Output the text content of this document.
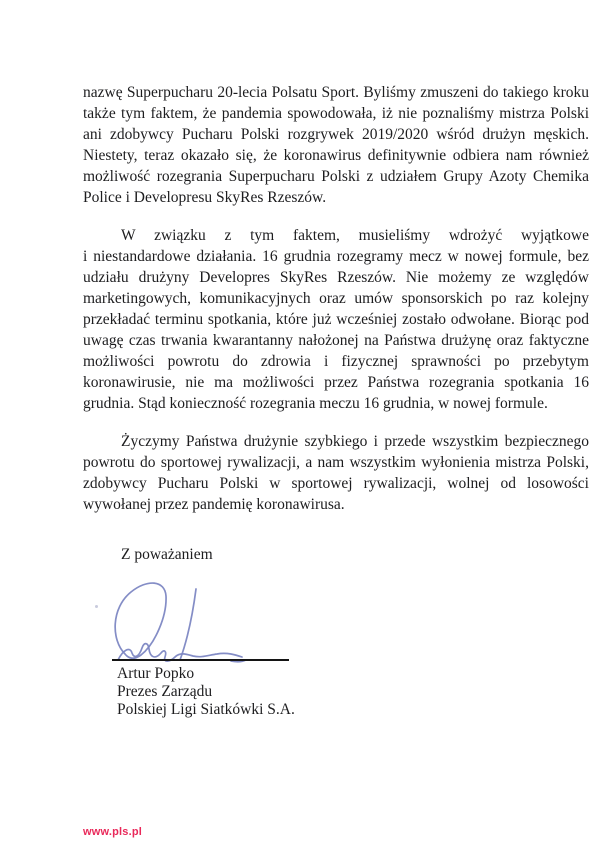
nazwę Superpucharu 20-lecia Polsatu Sport. Byliśmy zmuszeni do takiego kroku
także tym faktem, że pandemia spowodowała, iż nie poznaliśmy mistrza Polski
ani zdobywcy Pucharu Polski rozgrywek 2019/2020 wśród drużyn męskich.
Niestety, teraz okazało się, że koronawirus definitywnie odbiera nam również
możliwość rozegrania Superpucharu Polski z udziałem Grupy Azoty Chemika
Police i Developresu SkyRes Rzeszów.
W związku z tym faktem, musieliśmy wdrożyć wyjątkowe
i niestandardowe działania. 16 grudnia rozegramy mecz w nowej formule, bez
udziału drużyny Developres SkyRes Rzeszów. Nie możemy ze względów
marketingowych, komunikacyjnych oraz umów sponsorskich po raz kolejny
przekładać terminu spotkania, które już wcześniej zostało odwołane. Biorąc pod
uwagę czas trwania kwarantanny nałożonej na Państwa drużynę oraz faktyczne
możliwości powrotu do zdrowia i fizycznej sprawności po przebytym
koronawirusie, nie ma możliwości przez Państwa rozegrania spotkania 16
grudnia. Stąd konieczność rozegrania meczu 16 grudnia, w nowej formule.
Życzymy Państwa drużynie szybkiego i przede wszystkim bezpiecznego
powrotu do sportowej rywalizacji, a nam wszystkim wyłonienia mistrza Polski,
zdobywcy Pucharu Polski w sportowej rywalizacji, wolnej od losowości
wywołanej przez pandemię koronawirusa.
Z poważaniem
Artur Popko
Prezes Zarządu
Polskiej Ligi Siatkówki S.A.
www.pls.pl
